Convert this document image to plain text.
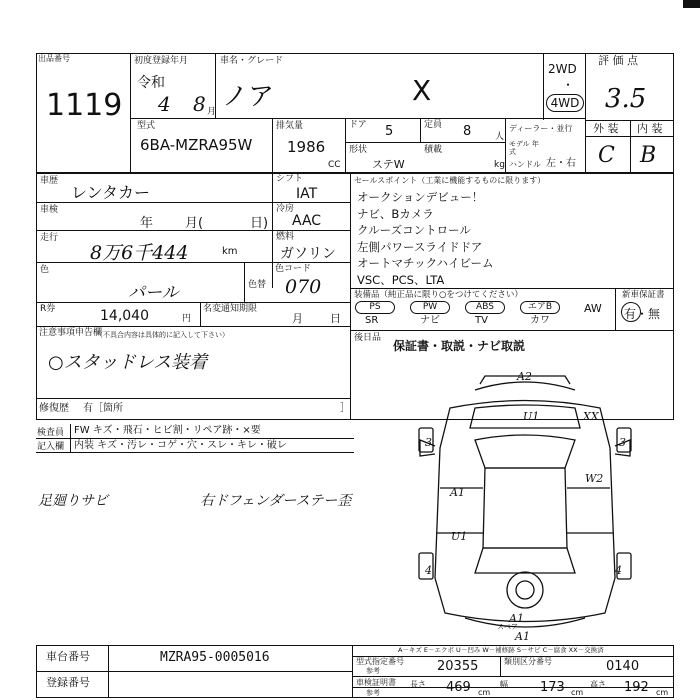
出品番号
1119
初度登録年月
令和
4 8 月
車名・グレード
ノア	X
2WD
・
4WD
評 価 点
3.5
外 装 内 装
C B
型式
6BA-MZRA95W
排気量
1986
CC
ドア 5	定員 8	人
ディーラー・並行
モデル 年式
形状
ステW
積載
kg ハンドル 左・右
車歴
レンタカー
車検
年 月(	日)
走行
8万6千444	km
色
パール	色替
色コード
070
R券	14,040	円
名変通知期限
月 日
シフト
IAT
冷房
AAC
燃料
ガソリン
セールスポイント（工業に機能するものに限ります）
オークションデビュー！
ナビ、Bカメラ
クルーズコントロール
左側パワースライドドア
オートマチックハイビーム
VSC、PCS、LTA
装備品（純正品に限り○をつけてください）
PS
SR
PW
ナビ
ABS
TV
エアB
カワ
AW
新車保証書
有・無
後日品
保証書・取説・ナビ取説
注意事項申告欄
（不具合内容は具体的に記入して下さい）
○スタッドレス装着
修復歴 有［箇所	］
検査員
記入欄
FW キズ・飛石・ヒビ割・リペア跡・×要
内装 キズ・汚レ・コゲ・穴・スレ・キレ・破レ
足廻りサビ	右ドフェンダーステー歪
A2
U1	XX
3
W2
A1
U1
4	4
A1
A1
3
スペア
A－キズ E－エクボ U－凹み W－補修跡 S－サビ C－腐食 XX－交換済
車台番号	MZRA95-0005016
登録番号
型式指定番号
参考	20355	類別区分番号	0140
車検証明書
参考
長さ 469 cm
幅 173 cm
高さ 192 cm
